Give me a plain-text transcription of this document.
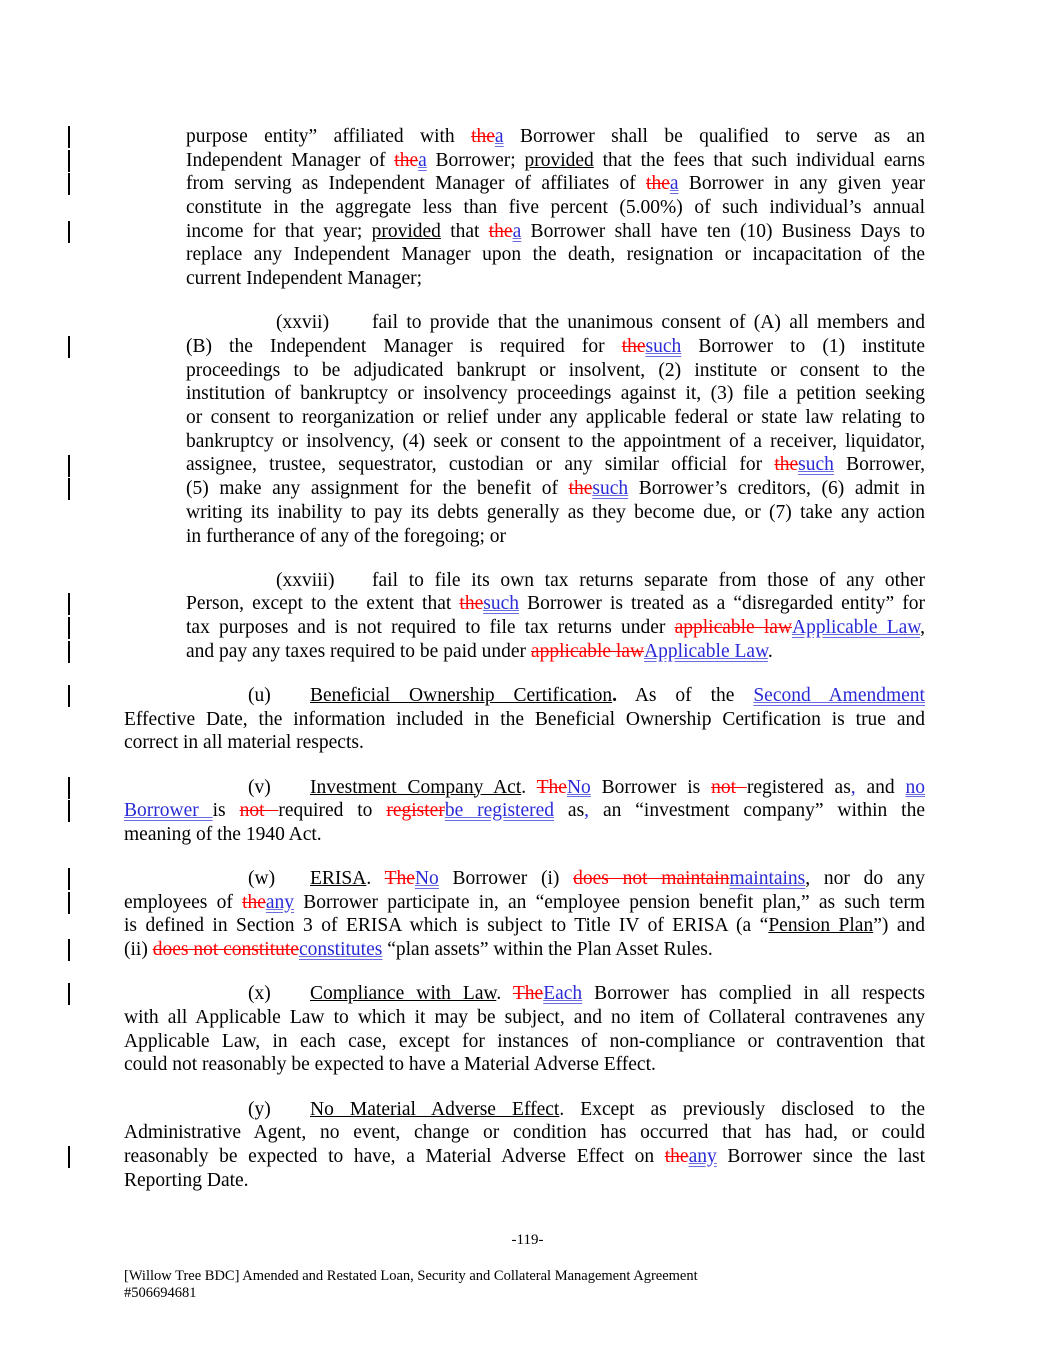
purpose entity” affiliated with thea Borrower shall be qualified to serve as an
Independent Manager of thea Borrower; provided that the fees that such individual earns
from serving as Independent Manager of affiliates of thea Borrower in any given year
constitute in the aggregate less than five percent (5.00%) of such individual’s annual
income for that year; provided that thea Borrower shall have ten (10) Business Days to
replace any Independent Manager upon the death, resignation or incapacitation of the
current Independent Manager;
(xxvii) fail to provide that the unanimous consent of (A) all members and
(B) the Independent Manager is required for thesuch Borrower to (1) institute
proceedings to be adjudicated bankrupt or insolvent, (2) institute or consent to the
institution of bankruptcy or insolvency proceedings against it, (3) file a petition seeking
or consent to reorganization or relief under any applicable federal or state law relating to
bankruptcy or insolvency, (4) seek or consent to the appointment of a receiver, liquidator,
assignee, trustee, sequestrator, custodian or any similar official for thesuch Borrower,
(5) make any assignment for the benefit of thesuch Borrower’s creditors, (6) admit in
writing its inability to pay its debts generally as they become due, or (7) take any action
in furtherance of any of the foregoing; or
(xxviii) fail to file its own tax returns separate from those of any other
Person, except to the extent that thesuch Borrower is treated as a “disregarded entity” for
tax purposes and is not required to file tax returns under applicable lawApplicable Law,
and pay any taxes required to be paid under applicable lawApplicable Law.
(u) Beneficial Ownership Certification. As of the Second Amendment
Effective Date, the information included in the Beneficial Ownership Certification is true and
correct in all material respects.
(v) Investment Company Act. TheNo Borrower is not registered as, and no
Borrower is not required to registerbe registered as, an “investment company” within the
meaning of the 1940 Act.
(w) ERISA. TheNo Borrower (i) does not maintainmaintains, nor do any
employees of theany Borrower participate in, an “employee pension benefit plan,” as such term
is defined in Section 3 of ERISA which is subject to Title IV of ERISA (a “Pension Plan”) and
(ii) does not constituteconstitutes “plan assets” within the Plan Asset Rules.
(x) Compliance with Law. TheEach Borrower has complied in all respects
with all Applicable Law to which it may be subject, and no item of Collateral contravenes any
Applicable Law, in each case, except for instances of non-compliance or contravention that
could not reasonably be expected to have a Material Adverse Effect.
(y) No Material Adverse Effect. Except as previously disclosed to the
Administrative Agent, no event, change or condition has occurred that has had, or could
reasonably be expected to have, a Material Adverse Effect on theany Borrower since the last
Reporting Date.
-119-
[Willow Tree BDC] Amended and Restated Loan, Security and Collateral Management Agreement
#506694681
